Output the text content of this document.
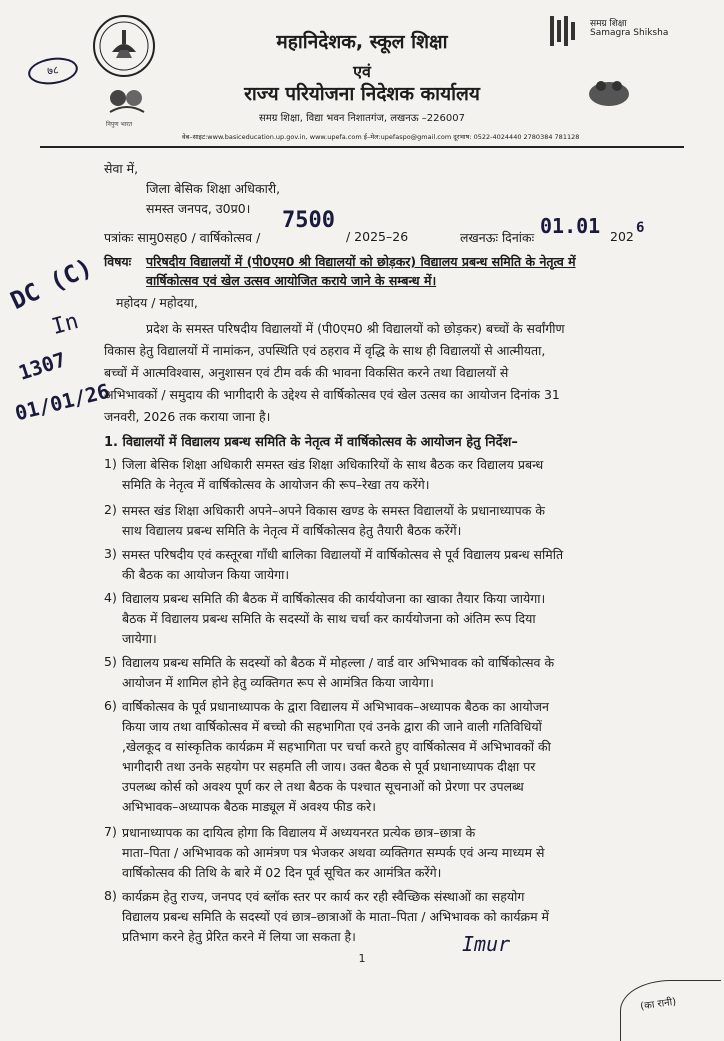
निपुण भारत
समग्र शिक्षा
Samagra Shiksha
महानिदेशक, स्कूल शिक्षा
एवं
राज्य परियोजना निदेशक कार्यालय
समग्र शिक्षा, विद्या भवन निशातगंज, लखनऊ –226007
वेब–साइट:www.basiceducation.up.gov.in, www.upefa.com ई–मेल:upefaspo@gmail.com दूरभाष: 0522-4024440 2780384 781128
७८
सेवा में,
जिला बेसिक शिक्षा अधिकारी,
समस्त जनपद, उ0प्र0।
पत्रांकः सामु0सह0 / वार्षिकोत्सव /
7500
/ 2025–26	लखनऊः दिनांकः 01.01 202
6
विषयः परिषदीय विद्यालयों में (पी0एम0 श्री विद्यालयों को छोड़कर) विद्यालय प्रबन्ध समिति के नेतृत्व में
वार्षिकोत्सव एवं खेल उत्सव आयोजित कराये जाने के सम्बन्ध में।
DC (C)
In
1307
01/01/26
महोदय / महोदया,
प्रदेश के समस्त परिषदीय विद्यालयों में (पी0एम0 श्री विद्यालयों को छोड़कर) बच्चों के सर्वांगीण
विकास हेतु विद्यालयों में नामांकन, उपस्थिति एवं ठहराव में वृद्धि के साथ ही विद्यालयों से आत्मीयता,
बच्चों में आत्मविश्वास, अनुशासन एवं टीम वर्क की भावना विकसित करने तथा विद्यालयों से
अभिभावकों / समुदाय की भागीदारी के उद्देश्य से वार्षिकोत्सव एवं खेल उत्सव का आयोजन दिनांक 31
जनवरी, 2026 तक कराया जाना है।
1. विद्यालयों में विद्यालय प्रबन्ध समिति के नेतृत्व में वार्षिकोत्सव के आयोजन हेतु निर्देश–
1) जिला बेसिक शिक्षा अधिकारी समस्त खंड शिक्षा अधिकारियों के साथ बैठक कर विद्यालय प्रबन्ध
समिति के नेतृत्व में वार्षिकोत्सव के आयोजन की रूप–रेखा तय करेंगे।
2) समस्त खंड शिक्षा अधिकारी अपने–अपने विकास खण्ड के समस्त विद्यालयों के प्रधानाध्यापक के
साथ विद्यालय प्रबन्ध समिति के नेतृत्व में वार्षिकोत्सव हेतु तैयारी बैठक करेंगें।
3) समस्त परिषदीय एवं कस्तूरबा गाँधी बालिका विद्यालयों में वार्षिकोत्सव से पूर्व विद्यालय प्रबन्ध समिति
की बैठक का आयोजन किया जायेगा।
4) विद्यालय प्रबन्ध समिति की बैठक में वार्षिकोत्सव की कार्ययोजना का खाका तैयार किया जायेगा।
बैठक में विद्यालय प्रबन्ध समिति के सदस्यों के साथ चर्चा कर कार्ययोजना को अंतिम रूप दिया
जायेगा।
5) विद्यालय प्रबन्ध समिति के सदस्यों को बैठक में मोहल्ला / वार्ड वार अभिभावक को वार्षिकोत्सव के
आयोजन में शामिल होने हेतु व्यक्तिगत रूप से आमंत्रित किया जायेगा।
6) वार्षिकोत्सव के पूर्व प्रधानाध्यापक के द्वारा विद्यालय में अभिभावक–अध्यापक बैठक का आयोजन
किया जाय तथा वार्षिकोत्सव में बच्चो की सहभागिता एवं उनके द्वारा की जाने वाली गतिविधियों
,खेलकूद व सांस्कृतिक कार्यक्रम में सहभागिता पर चर्चा करते हुए वार्षिकोत्सव में अभिभावकों की
भागीदारी तथा उनके सहयोग पर सहमति ली जाय। उक्त बैठक से पूर्व प्रधानाध्यापक दीक्षा पर
उपलब्ध कोर्स को अवश्य पूर्ण कर ले तथा बैठक के पश्चात सूचनाओं को प्रेरणा पर उपलब्ध
अभिभावक–अध्यापक बैठक माड्यूल में अवश्य फीड करे।
7) प्रधानाध्यापक का दायित्व होगा कि विद्यालय में अध्ययनरत प्रत्येक छात्र–छात्रा के
माता–पिता / अभिभावक को आमंत्रण पत्र भेजकर अथवा व्यक्तिगत सम्पर्क एवं अन्य माध्यम से
वार्षिकोत्सव की तिथि के बारे में 02 दिन पूर्व सूचित कर आमंत्रित करेंगे।
8) कार्यक्रम हेतु राज्य, जनपद एवं ब्लॉक स्तर पर कार्य कर रही स्वैच्छिक संस्थाओं का सहयोग
विद्यालय प्रबन्ध समिति के सदस्यों एवं छात्र–छात्राओं के माता–पिता / अभिभावक को कार्यक्रम में
प्रतिभाग करने हेतु प्रेरित करने में लिया जा सकता है।	Imur
1
(का रानी)
